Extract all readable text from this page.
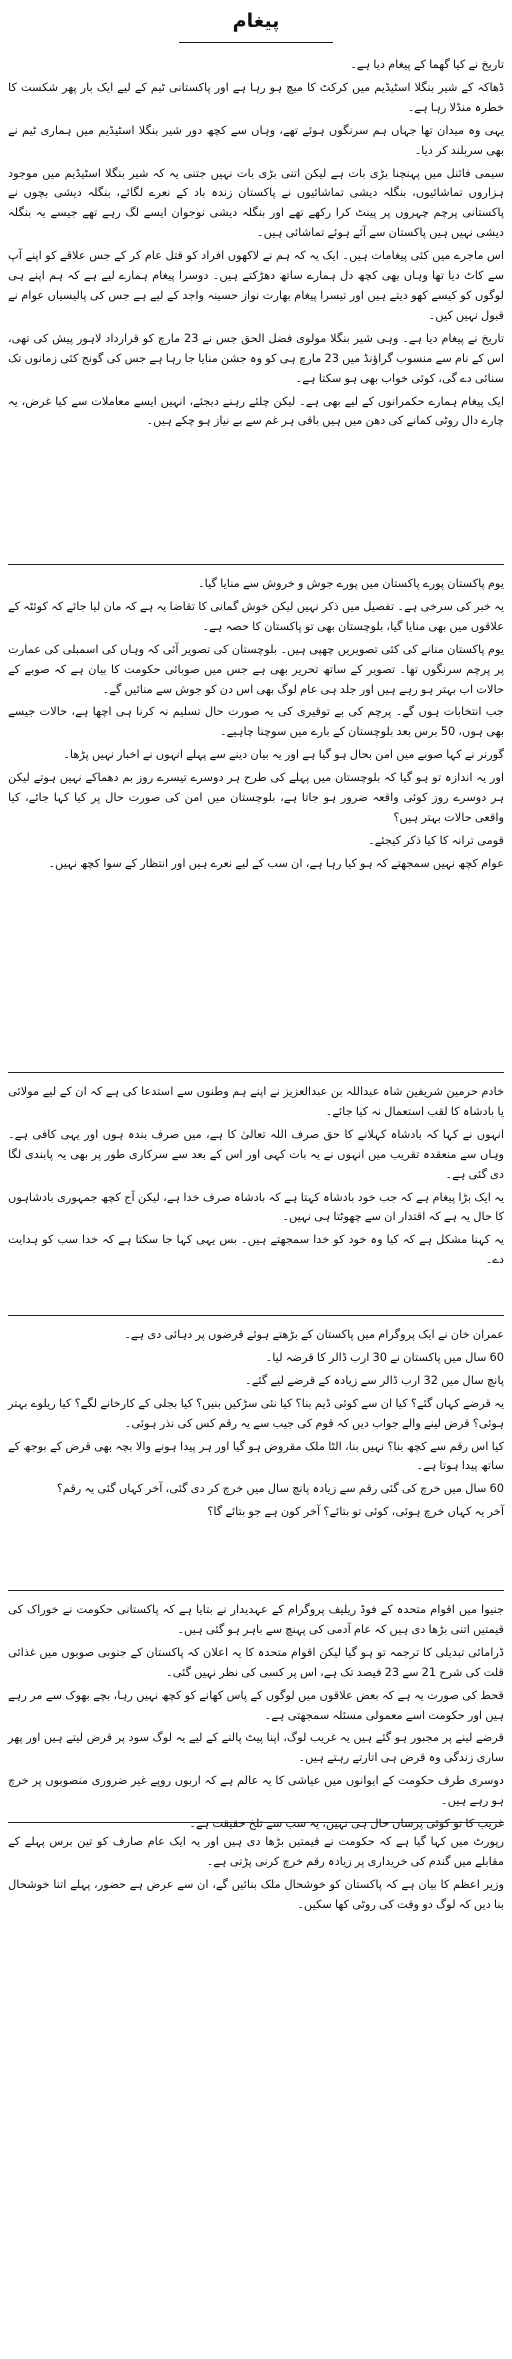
پیغام

تاریخ نے کیا گھما کے پیغام دیا ہے۔

ڈھاکہ کے شیر بنگلا اسٹیڈیم میں کرکٹ کا میچ ہو رہا ہے اور پاکستانی ٹیم کے لیے ایک بار پھر شکست کا خطرہ منڈلا رہا ہے۔

یہی وہ میدان تھا جہاں ہم سرنگوں ہوئے تھے، وہاں سے کچھ دور شیر بنگلا اسٹیڈیم میں ہماری ٹیم نے بھی سربلند کر دیا۔

سیمی فائنل میں پہنچنا بڑی بات ہے لیکن اتنی بڑی بات نہیں جتنی یہ کہ شیر بنگلا اسٹیڈیم میں موجود ہزاروں تماشائیوں، بنگلہ دیشی تماشائیوں نے پاکستان زندہ باد کے نعرے لگائے، بنگلہ دیشی بچوں نے پاکستانی پرچم چہروں پر پینٹ کرا رکھے تھے اور بنگلہ دیشی نوجوان ایسے لگ رہے تھے جیسے یہ بنگلہ دیشی نہیں ہیں پاکستان سے آئے ہوئے تماشائی ہیں۔

اس ماجرے میں کئی پیغامات ہیں۔ ایک یہ کہ ہم نے لاکھوں افراد کو قتل عام کر کے جس علاقے کو اپنے آپ سے کاٹ دیا تھا وہاں بھی کچھ دل ہمارے ساتھ دھڑکتے ہیں۔ دوسرا پیغام ہمارے لیے ہے کہ ہم اپنے ہی لوگوں کو کیسے کھو دیتے ہیں اور تیسرا پیغام بھارت نواز حسینہ واجد کے لیے ہے جس کی پالیسیاں عوام نے قبول نہیں کیں۔

تاریخ نے پیغام دیا ہے۔ وہی شیر بنگلا مولوی فضل الحق جس نے 23 مارچ کو قرارداد لاہور پیش کی تھی، اس کے نام سے منسوب گراؤنڈ میں 23 مارچ ہی کو وہ جشن منایا جا رہا ہے جس کی گونج کئی زمانوں تک سنائی دے گی، کوئی خواب بھی ہو سکتا ہے۔

ایک پیغام ہمارے حکمرانوں کے لیے بھی ہے۔ لیکن چلئے رہنے دیجئے، انہیں ایسے معاملات سے کیا غرض، یہ چارے دال روٹی کمانے کی دھن میں ہیں باقی ہر غم سے بے نیاز ہو چکے ہیں۔

یوم پاکستان پورے پاکستان میں پورے جوش و خروش سے منایا گیا۔

یہ خبر کی سرخی ہے۔ تفصیل میں ذکر نہیں لیکن خوش گمانی کا تقاضا یہ ہے کہ مان لیا جائے کہ کوئٹہ کے علاقوں میں بھی منایا گیا، بلوچستان بھی تو پاکستان کا حصہ ہے۔

یوم پاکستان منانے کی کئی تصویریں چھپی ہیں۔ بلوچستان کی تصویر آئی کہ وہاں کی اسمبلی کی عمارت پر پرچم سرنگوں تھا۔ تصویر کے ساتھ تحریر بھی ہے جس میں صوبائی حکومت کا بیان ہے کہ صوبے کے حالات اب بہتر ہو رہے ہیں اور جلد ہی عام لوگ بھی اس دن کو جوش سے منائیں گے۔

جب انتخابات ہوں گے۔ پرچم کی بے توقیری کی یہ صورت حال تسلیم نہ کرنا ہی اچھا ہے، حالات جیسے بھی ہوں، 50 برس بعد بلوچستان کے بارے میں سوچنا چاہیے۔

گورنر نے کہا صوبے میں امن بحال ہو گیا ہے اور یہ بیان دینے سے پہلے انہوں نے اخبار نہیں پڑھا۔

اور یہ اندازہ تو ہو گیا کہ بلوچستان میں پہلے کی طرح ہر دوسرے تیسرے روز بم دھماکے نہیں ہوتے لیکن ہر دوسرے روز کوئی واقعہ ضرور ہو جاتا ہے، بلوچستان میں امن کی صورت حال پر کیا کہا جائے، کیا واقعی حالات بہتر ہیں؟

قومی ترانہ کا کیا ذکر کیجئے۔

عوام کچھ نہیں سمجھتے کہ ہو کیا رہا ہے، ان سب کے لیے نعرے ہیں اور انتظار کے سوا کچھ نہیں۔

خادم حرمین شریفین شاہ عبداللہ بن عبدالعزیز نے اپنے ہم وطنوں سے استدعا کی ہے کہ ان کے لیے مولائی یا بادشاہ کا لقب استعمال نہ کیا جائے۔

انہوں نے کہا کہ بادشاہ کہلانے کا حق صرف اللہ تعالیٰ کا ہے، میں صرف بندہ ہوں اور یہی کافی ہے۔ وہاں سے منعقدہ تقریب میں انہوں نے یہ بات کہی اور اس کے بعد سے سرکاری طور پر بھی یہ پابندی لگا دی گئی ہے۔

یہ ایک بڑا پیغام ہے کہ جب خود بادشاہ کہتا ہے کہ بادشاہ صرف خدا ہے، لیکن آج کچھ جمہوری بادشاہوں کا حال یہ ہے کہ اقتدار ان سے چھوٹتا ہی نہیں۔

یہ کہنا مشکل ہے کہ کیا وہ خود کو خدا سمجھتے ہیں۔ بس یہی کہا جا سکتا ہے کہ خدا سب کو ہدایت دے۔

عمران خان نے ایک پروگرام میں پاکستان کے بڑھتے ہوئے قرضوں پر دہائی دی ہے۔

60 سال میں پاکستان نے 30 ارب ڈالر کا قرضہ لیا۔

پانچ سال میں 32 ارب ڈالر سے زیادہ کے قرضے لیے گئے۔

یہ قرضے کہاں گئے؟ کیا ان سے کوئی ڈیم بنا؟ کیا نئی سڑکیں بنیں؟ کیا بجلی کے کارخانے لگے؟ کیا ریلوے بہتر ہوئی؟ قرض لینے والے جواب دیں کہ قوم کی جیب سے یہ رقم کس کی نذر ہوئی۔

کیا اس رقم سے کچھ بنا؟ نہیں بنا، الٹا ملک مقروض ہو گیا اور ہر پیدا ہونے والا بچہ بھی قرض کے بوجھ کے ساتھ پیدا ہوتا ہے۔

60 سال میں خرچ کی گئی رقم سے زیادہ پانچ سال میں خرچ کر دی گئی، آخر کہاں گئی یہ رقم؟

آخر یہ کہاں خرچ ہوئی، کوئی تو بتائے؟ آخر کون ہے جو بتائے گا؟

جنیوا میں اقوام متحدہ کے فوڈ ریلیف پروگرام کے عہدیدار نے بتایا ہے کہ پاکستانی حکومت نے خوراک کی قیمتیں اتنی بڑھا دی ہیں کہ عام آدمی کی پہنچ سے باہر ہو گئی ہیں۔

ڈرامائی تبدیلی کا ترجمہ تو ہو گیا لیکن اقوام متحدہ کا یہ اعلان کہ پاکستان کے جنوبی صوبوں میں غذائی قلت کی شرح 21 سے 23 فیصد تک ہے، اس پر کسی کی نظر نہیں گئی۔

قحط کی صورت یہ ہے کہ بعض علاقوں میں لوگوں کے پاس کھانے کو کچھ نہیں رہا، بچے بھوک سے مر رہے ہیں اور حکومت اسے معمولی مسئلہ سمجھتی ہے۔

قرضے لینے پر مجبور ہو گئے ہیں یہ غریب لوگ، اپنا پیٹ پالنے کے لیے یہ لوگ سود پر قرض لیتے ہیں اور پھر ساری زندگی وہ قرض ہی اتارتے رہتے ہیں۔

دوسری طرف حکومت کے ایوانوں میں عیاشی کا یہ عالم ہے کہ اربوں روپے غیر ضروری منصوبوں پر خرچ ہو رہے ہیں۔

غریب کا تو کوئی پرسان حال ہی نہیں، یہ سب سے تلخ حقیقت ہے۔

رپورٹ میں کہا گیا ہے کہ حکومت نے قیمتیں بڑھا دی ہیں اور یہ ایک عام صارف کو تین برس پہلے کے مقابلے میں گندم کی خریداری پر زیادہ رقم خرچ کرنی پڑتی ہے۔

وزیر اعظم کا بیان ہے کہ پاکستان کو خوشحال ملک بنائیں گے، ان سے عرض ہے حضور، پہلے اتنا خوشحال بنا دیں کہ لوگ دو وقت کی روٹی کھا سکیں۔
